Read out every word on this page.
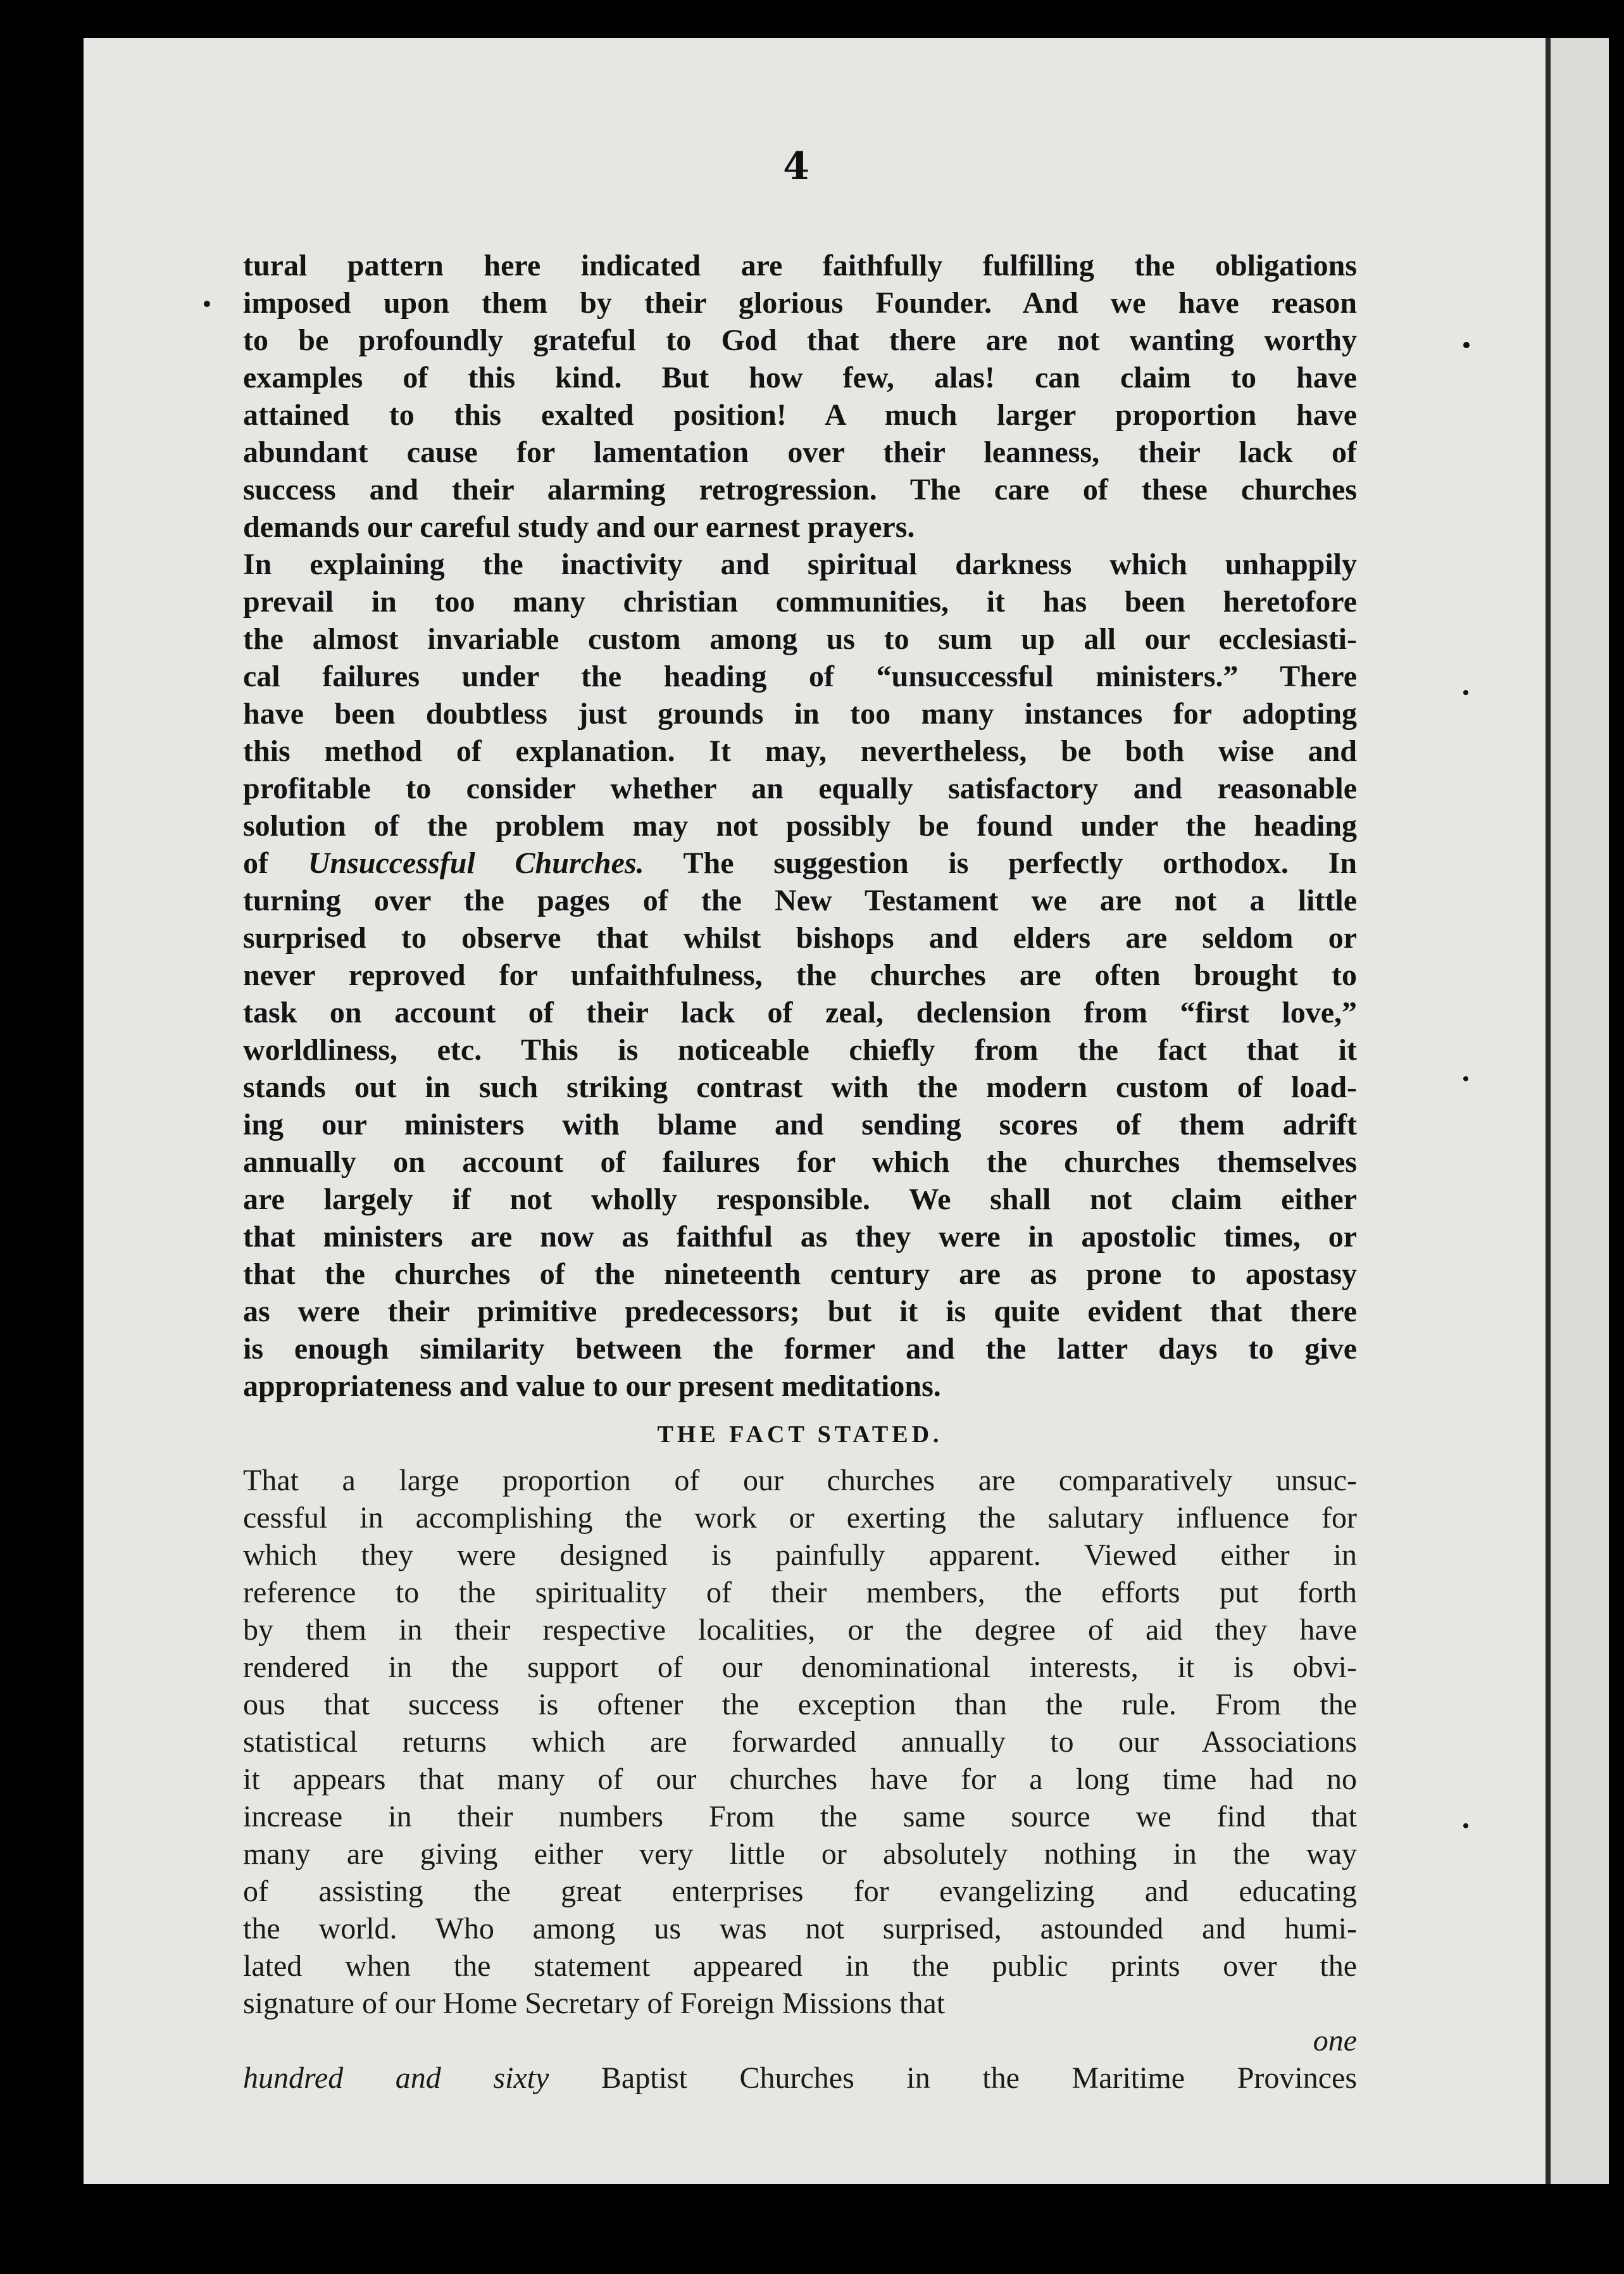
4
tural pattern here indicated are faithfully fulfilling the obligations
imposed upon them by their glorious Founder. And we have reason
to be profoundly grateful to God that there are not wanting worthy
examples of this kind. But how few, alas! can claim to have
attained to this exalted position! A much larger proportion have
abundant cause for lamentation over their leanness, their lack of
success and their alarming retrogression. The care of these churches
demands our careful study and our earnest prayers.
In explaining the inactivity and spiritual darkness which unhappily
prevail in too many christian communities, it has been heretofore
the almost invariable custom among us to sum up all our ecclesiasti-
cal failures under the heading of “unsuccessful ministers.” There
have been doubtless just grounds in too many instances for adopting
this method of explanation. It may, nevertheless, be both wise and
profitable to consider whether an equally satisfactory and reasonable
solution of the problem may not possibly be found under the heading
of Unsuccessful Churches. The suggestion is perfectly orthodox. In
turning over the pages of the New Testament we are not a little
surprised to observe that whilst bishops and elders are seldom or
never reproved for unfaithfulness, the churches are often brought to
task on account of their lack of zeal, declension from “first love,”
worldliness, etc. This is noticeable chiefly from the fact that it
stands out in such striking contrast with the modern custom of load-
ing our ministers with blame and sending scores of them adrift
annually on account of failures for which the churches themselves
are largely if not wholly responsible. We shall not claim either
that ministers are now as faithful as they were in apostolic times, or
that the churches of the nineteenth century are as prone to apostasy
as were their primitive predecessors; but it is quite evident that there
is enough similarity between the former and the latter days to give
appropriateness and value to our present meditations.
THE FACT STATED.
That a large proportion of our churches are comparatively unsuc-
cessful in accomplishing the work or exerting the salutary influence for
which they were designed is painfully apparent. Viewed either in
reference to the spirituality of their members, the efforts put forth
by them in their respective localities, or the degree of aid they have
rendered in the support of our denominational interests, it is obvi-
ous that success is oftener the exception than the rule. From the
statistical returns which are forwarded annually to our Associations
it appears that many of our churches have for a long time had no
increase in their numbers From the same source we find that
many are giving either very little or absolutely nothing in the way
of assisting the great enterprises for evangelizing and educating
the world. Who among us was not surprised, astounded and humi-
lated when the statement appeared in the public prints over the
signature of our Home Secretary of Foreign Missions that
one
hundred and sixty Baptist Churches in the Maritime Provinces
